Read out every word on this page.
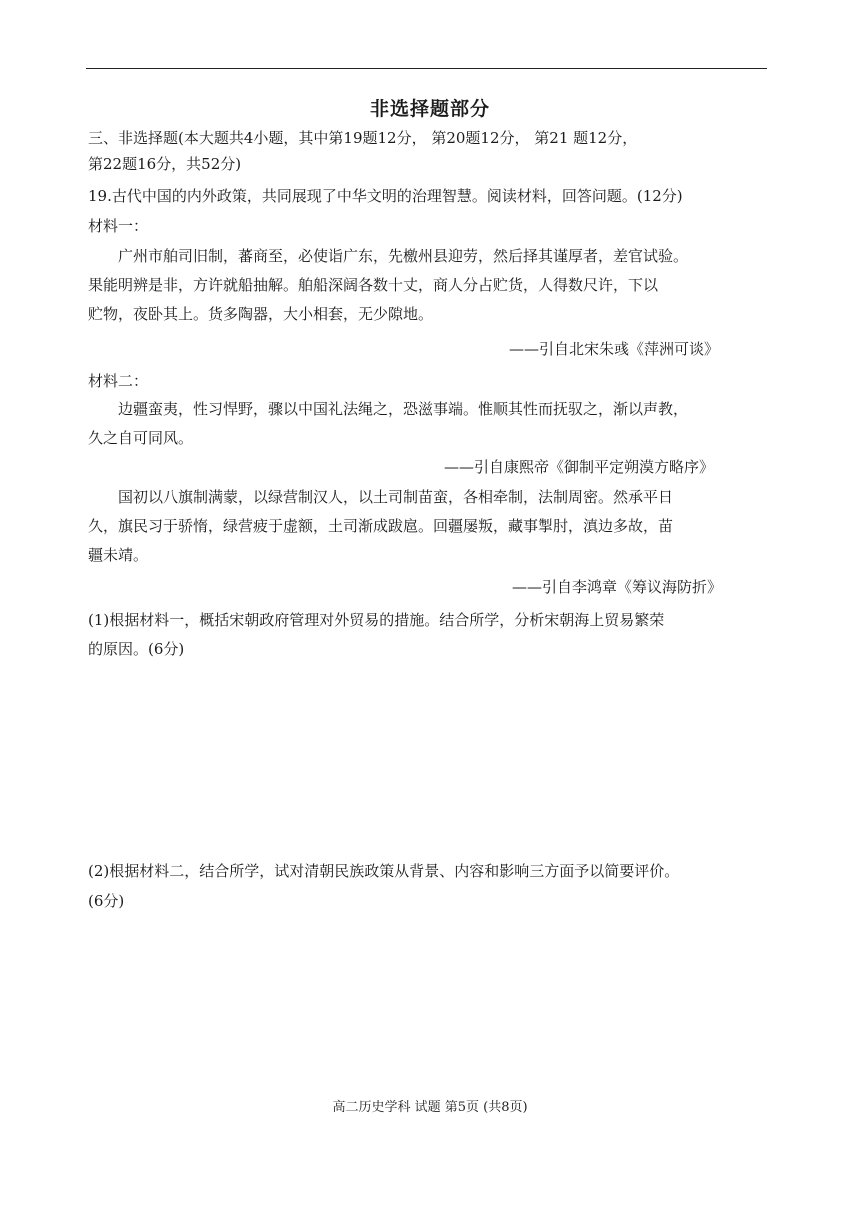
非选择题部分
三、非选择题(本大题共4小题，其中第19题12分， 第20题12分， 第21 题12分，
第22题16分，共52分)
19.古代中国的内外政策，共同展现了中华文明的治理智慧。阅读材料，回答问题。(12分)
材料一：
广州市舶司旧制，蕃商至，必使诣广东，先檄州县迎劳，然后择其谨厚者，差官试验。
果能明辨是非，方许就船抽解。舶船深阔各数十丈，商人分占贮货，人得数尺许，下以
贮物，夜卧其上。货多陶器，大小相套，无少隙地。
——引自北宋朱彧《萍洲可谈》
材料二：
边疆蛮夷，性习悍野，骤以中国礼法绳之，恐滋事端。惟顺其性而抚驭之，渐以声教，
久之自可同风。
——引自康熙帝《御制平定朔漠方略序》
国初以八旗制满蒙，以绿营制汉人，以土司制苗蛮，各相牵制，法制周密。然承平日
久，旗民习于骄惰，绿营疲于虚额，土司渐成跋扈。回疆屡叛，藏事掣肘，滇边多故，苗
疆未靖。
——引自李鸿章《筹议海防折》
(1)根据材料一，概括宋朝政府管理对外贸易的措施。结合所学，分析宋朝海上贸易繁荣
的原因。(6分)
(2)根据材料二，结合所学，试对清朝民族政策从背景、内容和影响三方面予以简要评价。
(6分)
高二历史学科 试题 第5页 (共8页)
